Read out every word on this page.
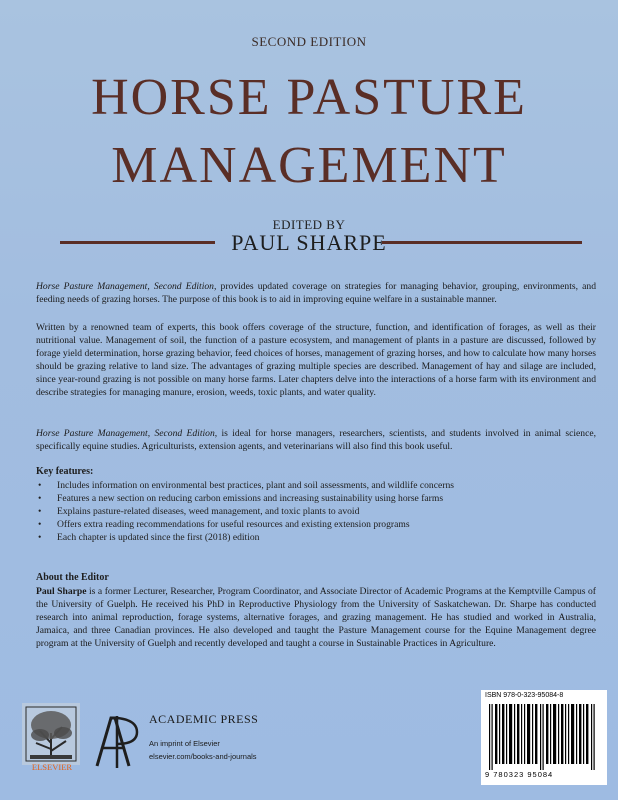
SECOND EDITION
HORSE PASTURE
MANAGEMENT
EDITED BY
PAUL SHARPE
Horse Pasture Management, Second Edition, provides updated coverage on strategies for managing behavior, grouping, environments, and feeding needs of grazing horses. The purpose of this book is to aid in improving equine welfare in a sustainable manner.
Written by a renowned team of experts, this book offers coverage of the structure, function, and identification of forages, as well as their nutritional value. Management of soil, the function of a pasture ecosystem, and management of plants in a pasture are discussed, followed by forage yield determination, horse grazing behavior, feed choices of horses, management of grazing horses, and how to calculate how many horses should be grazing relative to land size. The advantages of grazing multiple species are described. Management of hay and silage are included, since year-round grazing is not possible on many horse farms. Later chapters delve into the interactions of a horse farm with its environment and describe strategies for managing manure, erosion, weeds, toxic plants, and water quality.
Horse Pasture Management, Second Edition, is ideal for horse managers, researchers, scientists, and students involved in animal science, specifically equine studies. Agriculturists, extension agents, and veterinarians will also find this book useful.
Key features:
• Includes information on environmental best practices, plant and soil assessments, and wildlife concerns
• Features a new section on reducing carbon emissions and increasing sustainability using horse farms
• Explains pasture-related diseases, weed management, and toxic plants to avoid
• Offers extra reading recommendations for useful resources and existing extension programs
• Each chapter is updated since the first (2018) edition
About the Editor
Paul Sharpe is a former Lecturer, Researcher, Program Coordinator, and Associate Director of Academic Programs at the Kemptville Campus of the University of Guelph. He received his PhD in Reproductive Physiology from the University of Saskatchewan. Dr. Sharpe has conducted research into animal reproduction, forage systems, alternative forages, and grazing management. He has studied and worked in Australia, Jamaica, and three Canadian provinces. He also developed and taught the Pasture Management course for the Equine Management degree program at the University of Guelph and recently developed and taught a course in Sustainable Practices in Agriculture.
ELSEVIER
ACADEMIC PRESS
An imprint of Elsevier
elsevier.com/books-and-journals
ISBN 978-0-323-95084-8
9 780323 95084
